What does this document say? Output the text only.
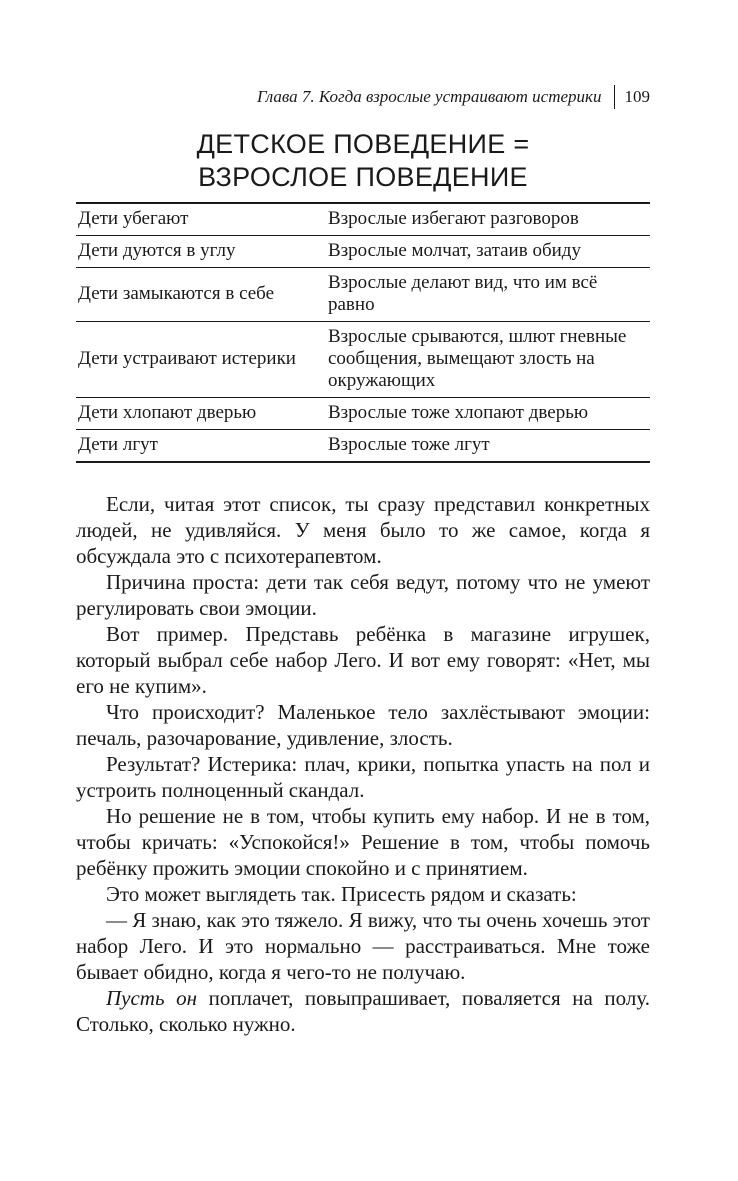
Глава 7. Когда взрослые устраивают истерики 109
ДЕТСКОЕ ПОВЕДЕНИЕ =
ВЗРОСЛОЕ ПОВЕДЕНИЕ
Дети убегают	Взрослые избегают разговоров
Дети дуются в углу	Взрослые молчат, затаив обиду
Дети замыкаются в себе	Взрослые делают вид, что им всё равно
Дети устраивают истерики	Взрослые срываются, шлют гневные сообщения, вымещают злость на окружающих
Дети хлопают дверью	Взрослые тоже хлопают дверью
Дети лгут	Взрослые тоже лгут

Если, читая этот список, ты сразу представил конкретных людей, не удивляйся. У меня было то же самое, когда я обсуждала это с психотерапевтом.

Причина проста: дети так себя ведут, потому что не умеют регулировать свои эмоции.

Вот пример. Представь ребёнка в магазине игрушек, который выбрал себе набор Лего. И вот ему говорят: «Нет, мы его не купим».

Что происходит? Маленькое тело захлёстывают эмоции: печаль, разочарование, удивление, злость.

Результат? Истерика: плач, крики, попытка упасть на пол и устроить полноценный скандал.

Но решение не в том, чтобы купить ему набор. И не в том, чтобы кричать: «Успокойся!» Решение в том, чтобы помочь ребёнку прожить эмоции спокойно и с принятием.

Это может выглядеть так. Присесть рядом и сказать:

— Я знаю, как это тяжело. Я вижу, что ты очень хочешь этот набор Лего. И это нормально — расстраиваться. Мне тоже бывает обидно, когда я чего-то не получаю.

Пусть он поплачет, повыпрашивает, поваляется на полу. Столько, сколько нужно.
